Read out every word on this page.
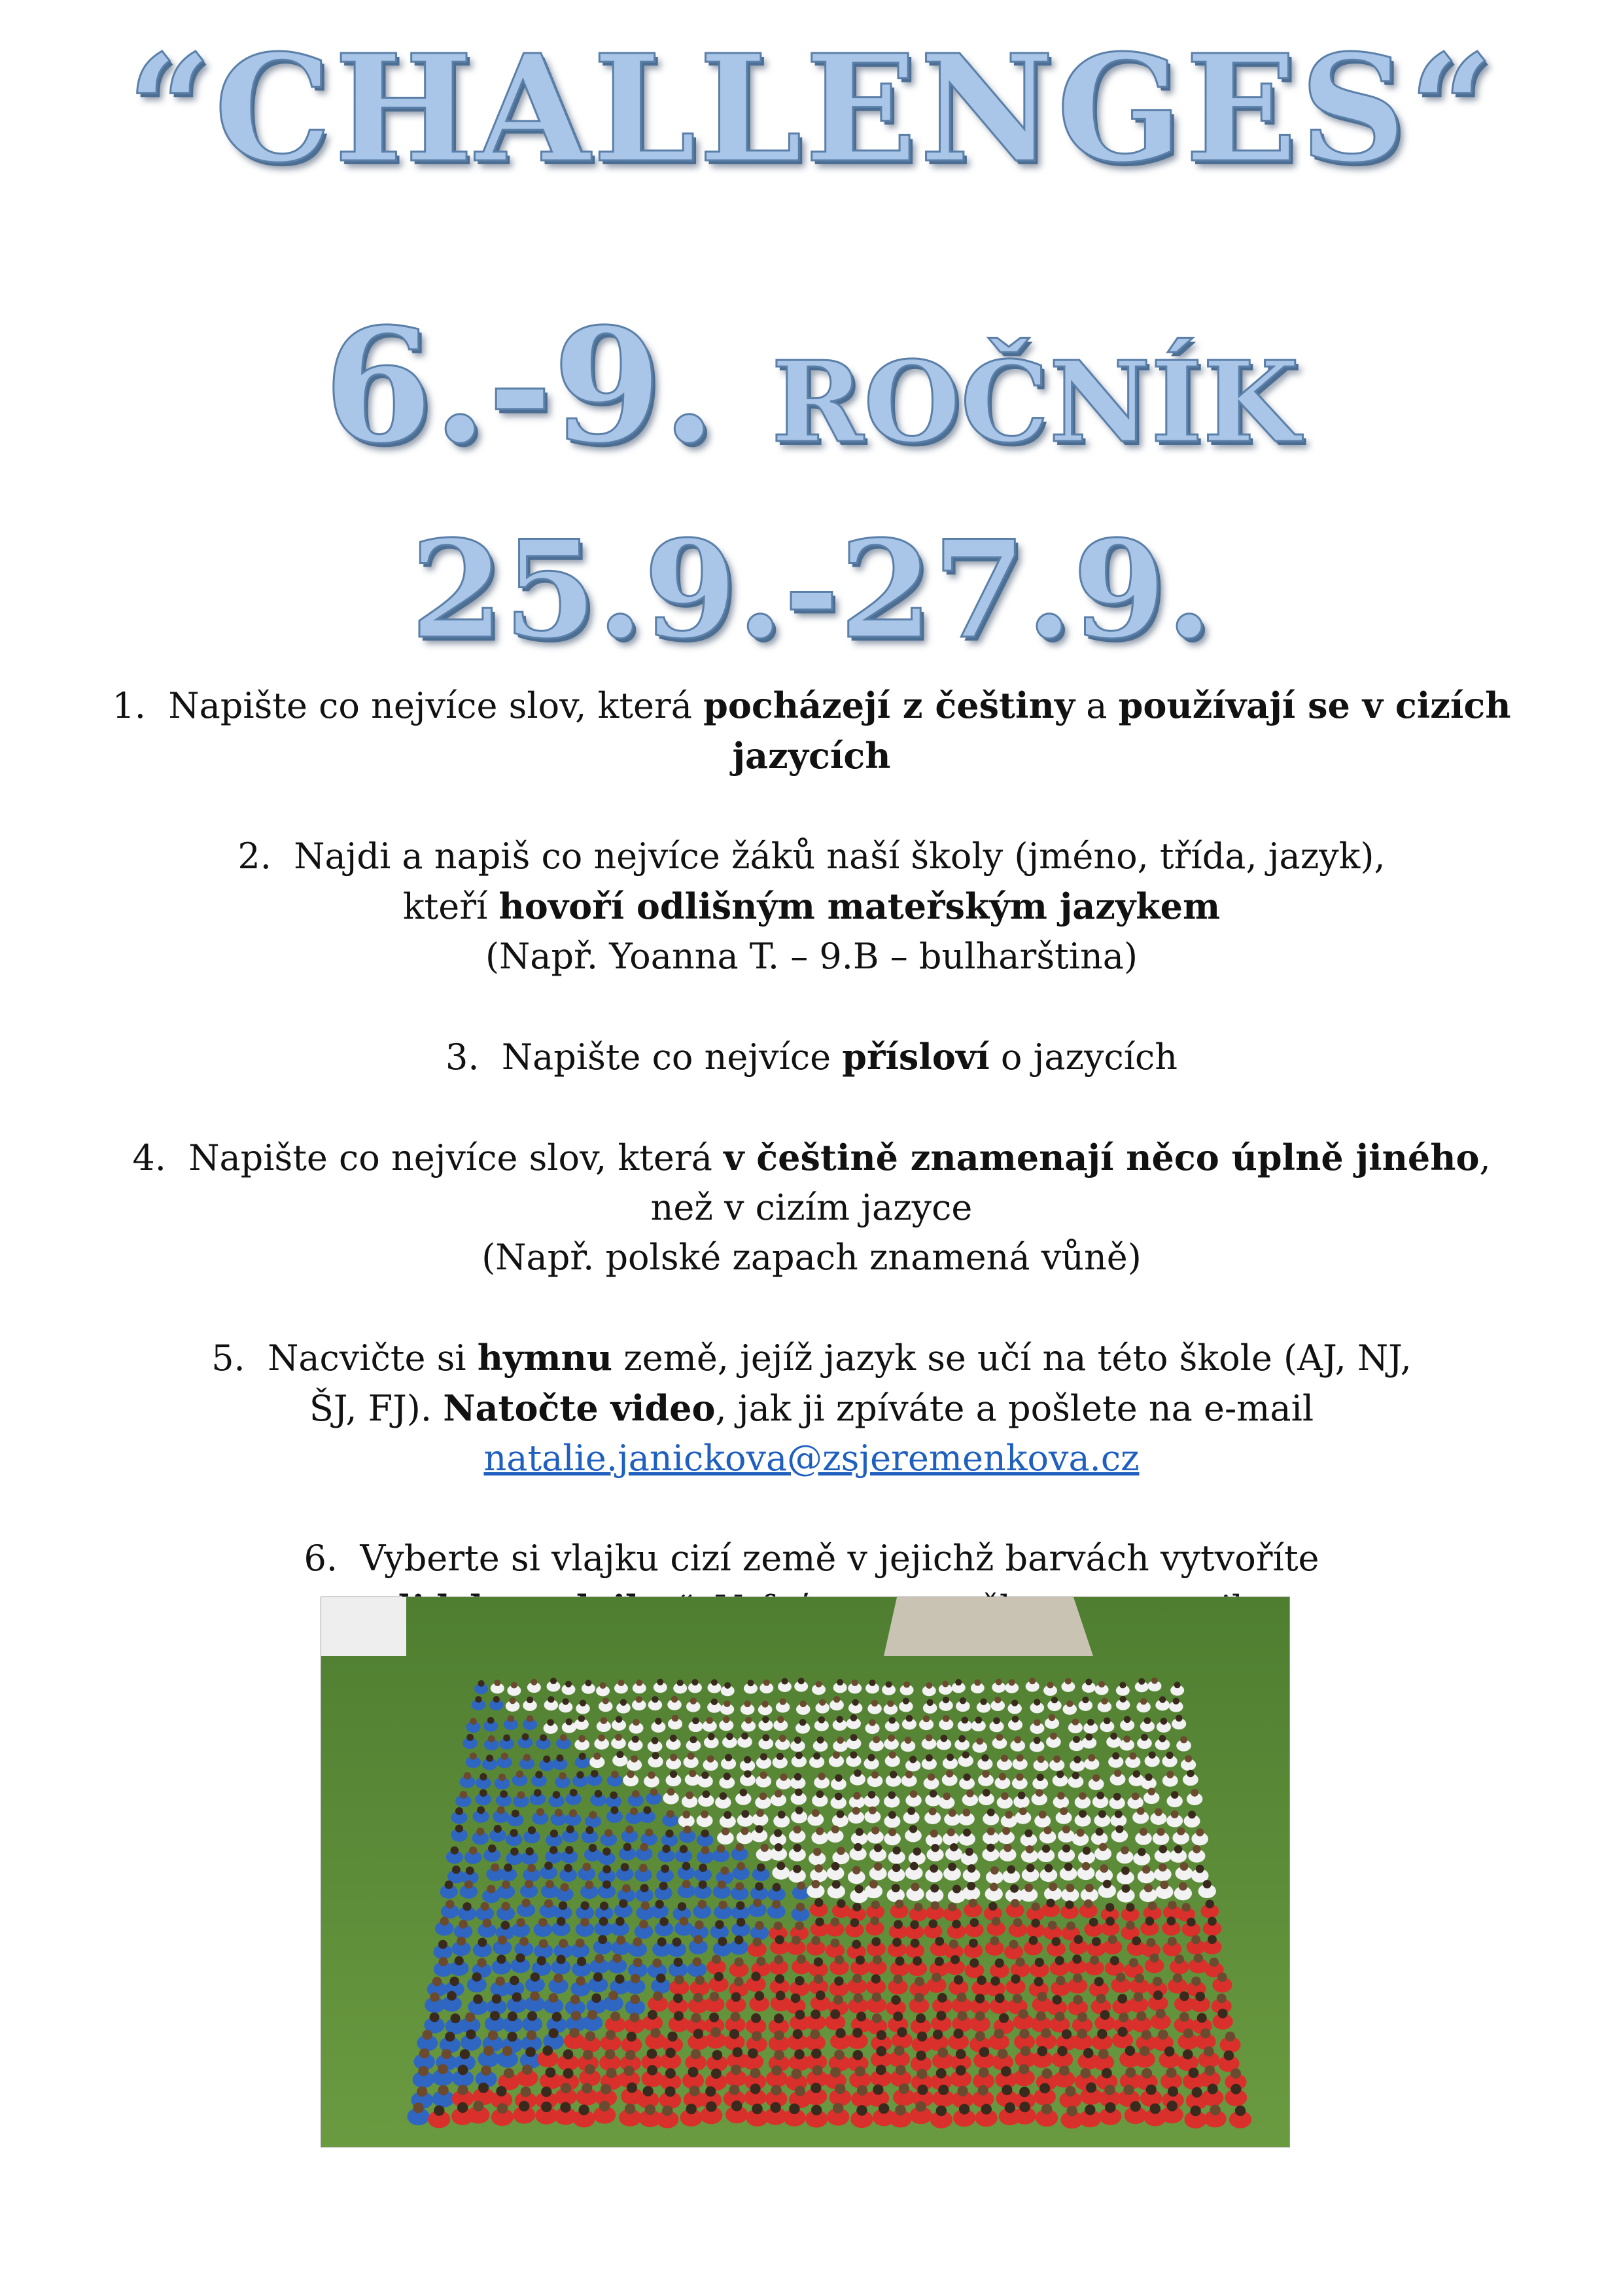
“CHALLENGES“
6.-9. ROČNÍK
25.9.-27.9.

1. Napište co nejvíce slov, která pocházejí z češtiny a používají se v cizích jazycích

2. Najdi a napiš co nejvíce žáků naší školy (jméno, třída, jazyk), kteří hovoří odlišným mateřským jazykem

(Např. Yoanna T. – 9.B – bulharština)

3. Napište co nejvíce přísloví o jazycích

4. Napište co nejvíce slov, která v češtině znamenají něco úplně jiného, než v cizím jazyce

(Např. polské zapach znamená vůně)

5. Nacvičte si hymnu země, jejíž jazyk se učí na této škole (AJ, NJ, ŠJ, FJ). Natočte video, jak ji zpíváte a pošlete na e-mail natalie.janickova@zsjeremenkova.cz

6. Vyberte si vlajku cizí země v jejichž barvách vytvoříte
